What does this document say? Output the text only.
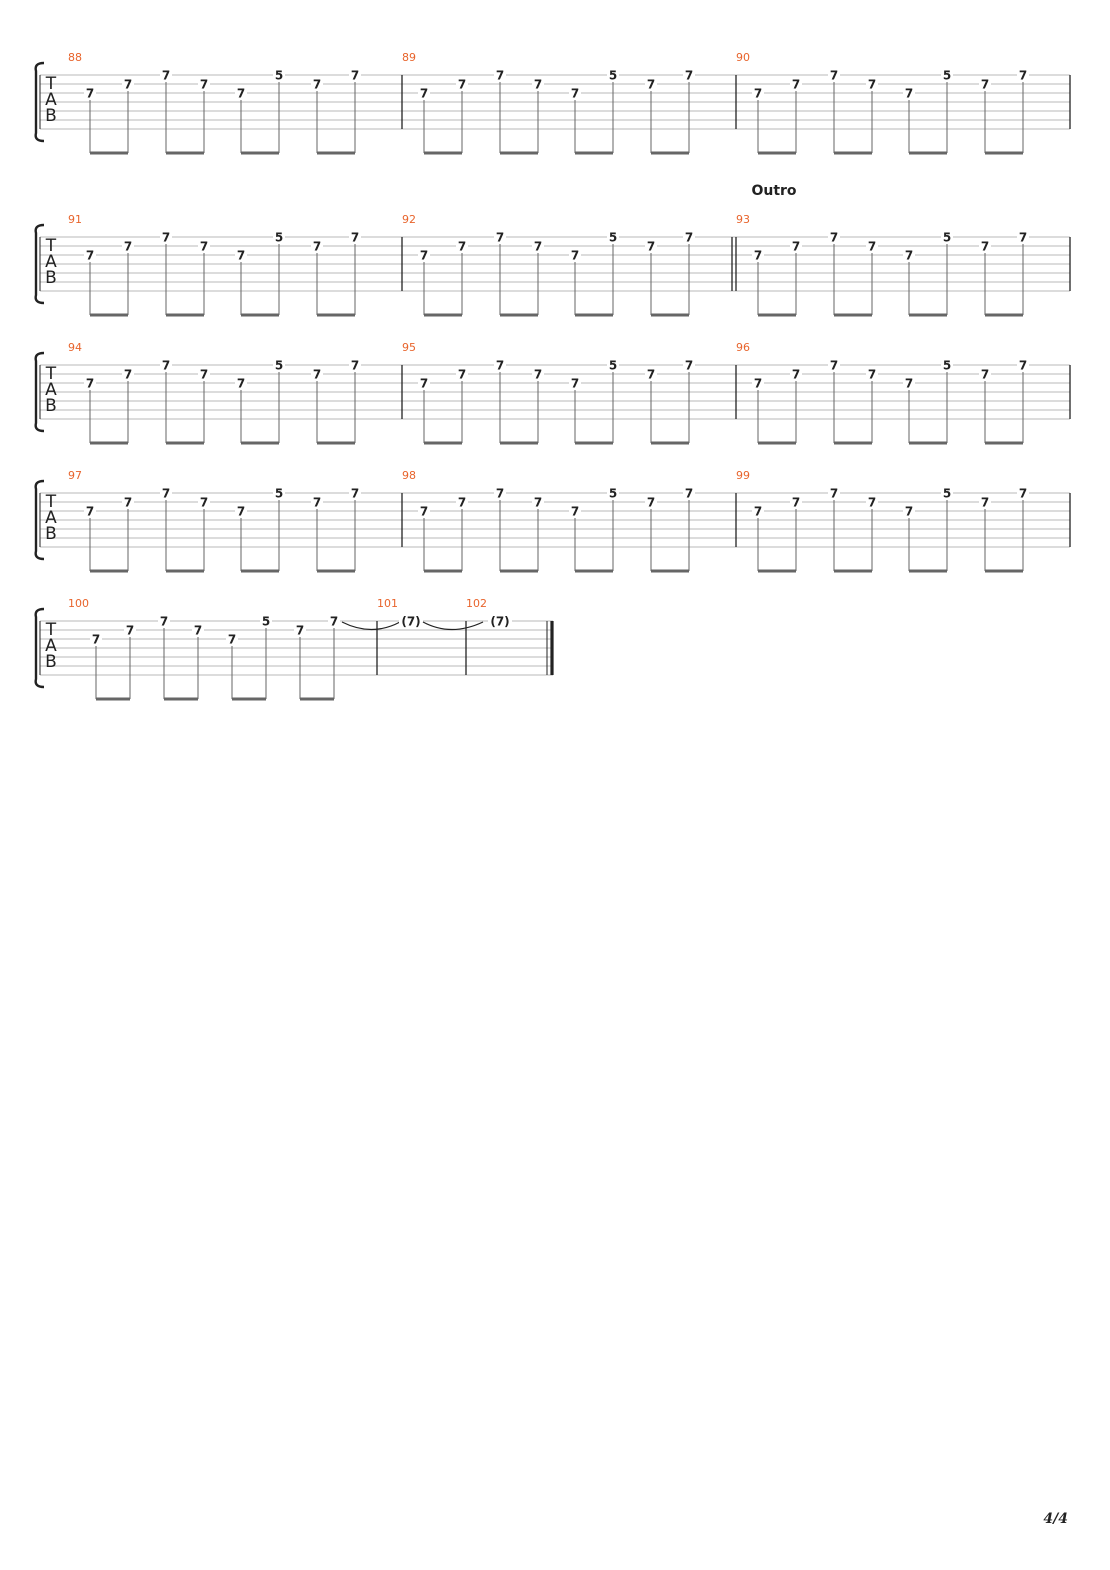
T
A
B
88
7
7
7
7
7
5
7
7
89
7
7
7
7
7
5
7
7
90
7
7
7
7
7
5
7
7
T
A
B
91
7
7
7
7
7
5
7
7
92
7
7
7
7
7
5
7
7
93
Outro
7
7
7
7
7
5
7
7
T
A
B
94
7
7
7
7
7
5
7
7
95
7
7
7
7
7
5
7
7
96
7
7
7
7
7
5
7
7
T
A
B
97
7
7
7
7
7
5
7
7
98
7
7
7
7
7
5
7
7
99
7
7
7
7
7
5
7
7
T
A
B
100
7
7
7
7
7
5
7
7
101
(7)
102
(7)
4/4
